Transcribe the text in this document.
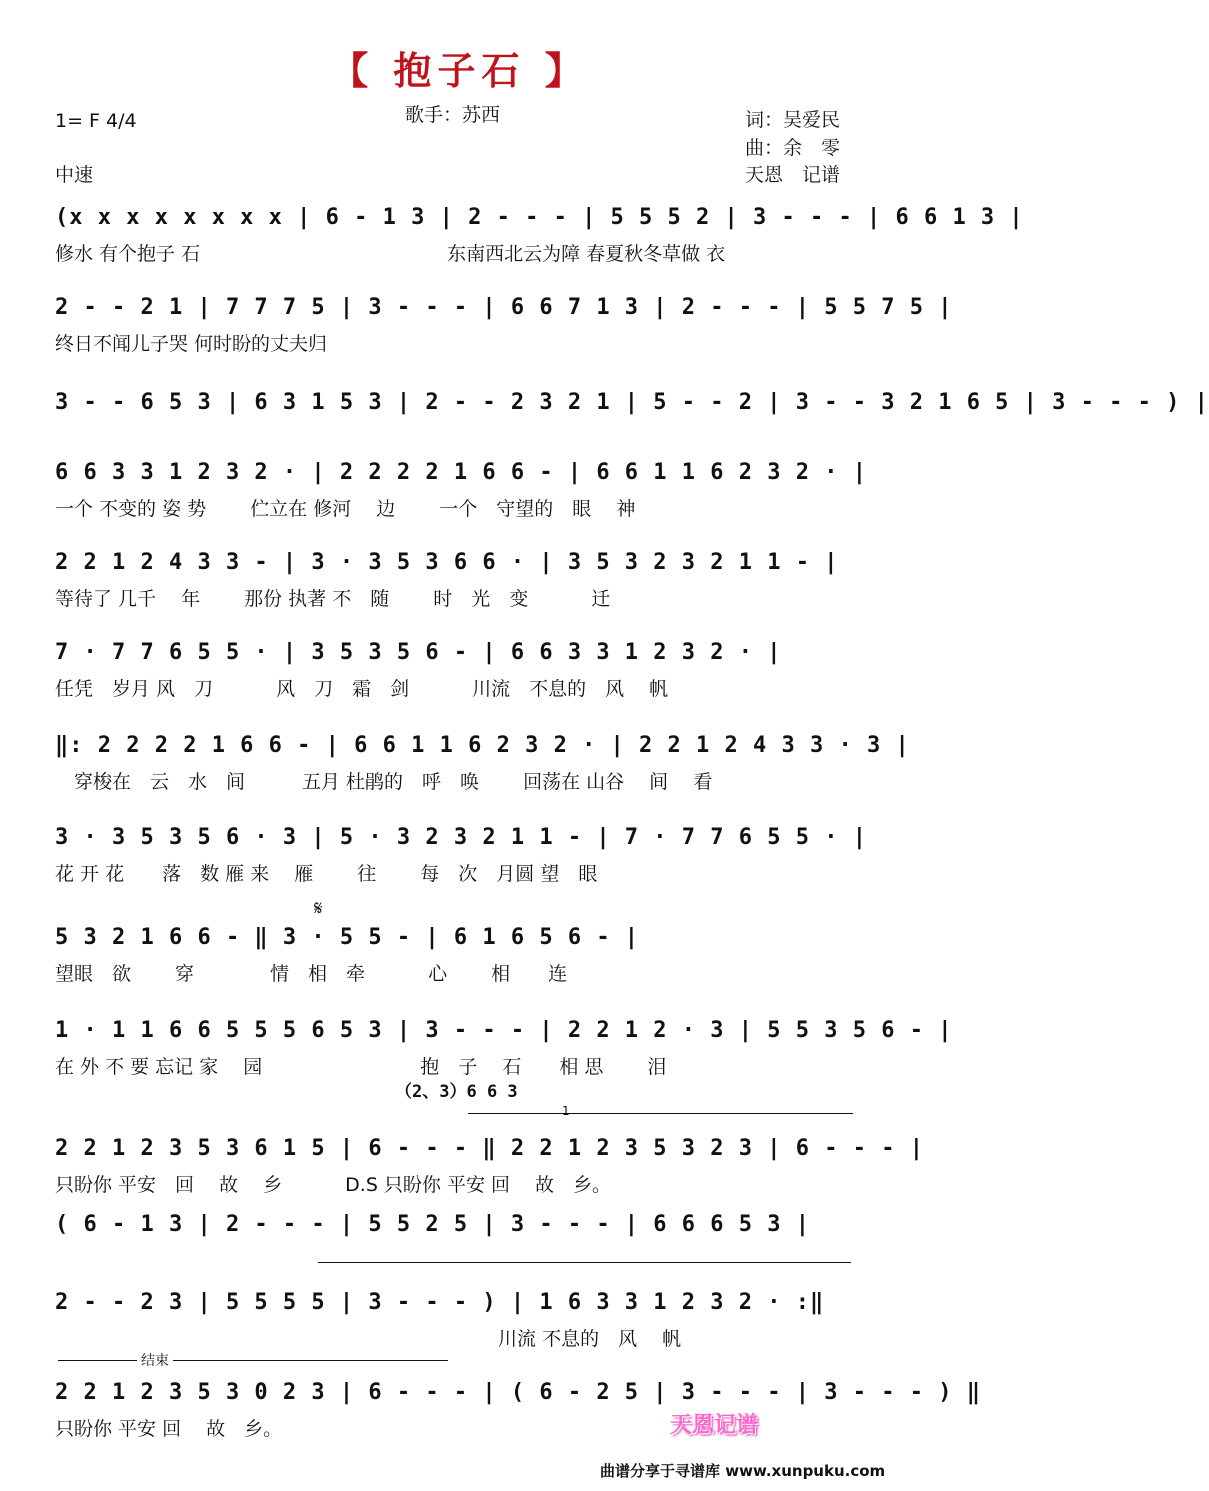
【 抱子石 】
1= F 4/4
中速
歌手：苏西	词：吴爱民
曲：余　零
天恩　记谱
(x x x x x x x x | 6 - 1 3 | 2 - - - | 5 5 5 2 | 3 - - - | 6 6 1 3 |
修水 有个抱子 石　　　　　　　　　　　　　东南西北云为障 春夏秋冬草做 衣
2 - - 2 1 | 7 7 7 5 | 3 - - - | 6 6 7 1 3 | 2 - - - | 5 5 7 5 |
终日不闻儿子哭 何时盼的丈夫归
3 - - 6 5 3 | 6 3 1 5 3 | 2 - - 2 3 2 1 | 5 - - 2 | 3 - - 3 2 1 6 5 | 3 - - - ) |
6 6 3 3 1 2 3 2 · | 2 2 2 2 1 6 6 - | 6 6 1 1 6 2 3 2 · |
一个 不变的 姿 势　　 伫立在 修河　 边　　 一个　守望的　眼　 神
2 2 1 2 4 3 3 - | 3 · 3 5 3 6 6 · | 3 5 3 2 3 2 1 1 - |
等待了 几千　 年　　 那份 执著 不　随　　 时　光　变　　　 迁
7 · 7 7 6 5 5 · | 3 5 3 5 6 - | 6 6 3 3 1 2 3 2 · |
任凭　岁月 风　刀　　　 风　刀　霜　剑　　　 川流　不息的　风　 帆
‖: 2 2 2 2 1 6 6 - | 6 6 1 1 6 2 3 2 · | 2 2 1 2 4 3 3 · 3 |
　穿梭在　云　水　间　　　五月 杜鹃的　呼　唤　　 回荡在 山谷　 间　 看
3 · 3 5 3 5 6 · 3 | 5 · 3 2 3 2 1 1 - | 7 · 7 7 6 5 5 · |
花 开 花　　落　数 雁 来　 雁　　 往　　 每　次　月圆 望　眼
𝄋
5 3 2 1 6 6 - ‖ 3 · 5 5 - | 6 1 6 5 6 - |
望眼　欲　　 穿　　　　情　相　牵　　　 心　　 相　　连
1 · 1 1 6 6 5 5 5 6 5 3 | 3 - - - | 2 2 1 2 · 3 | 5 5 3 5 6 - |
在 外 不 要 忘记 家　 园　　　　　　　　 抱　子　 石　　相 思　　 泪
（2、3）6 6 3
1
2 2 1 2 3 5 3 6 1 5 | 6 - - - ‖ 2 2 1 2 3 5 3 2 3 | 6 - - - |
只盼你 平安　回　 故　 乡　　　 D.S 只盼你 平安 回　 故　乡。
( 6 - 1 3 | 2 - - - | 5 5 2 5 | 3 - - - | 6 6 6 5 3 |
2 - - 2 3 | 5 5 5 5 | 3 - - - ) | 1 6 3 3 1 2 3 2 · :‖
　　　　　　　　　　　　　　　　　　　　　　　 川流 不息的　风　 帆
结束
2 2 1 2 3 5 3 0 2 3 | 6 - - - | ( 6 - 2 5 | 3 - - - | 3 - - - ) ‖
只盼你 平安 回　 故　乡。	天恩记谱
曲谱分享于寻谱库 www.xunpuku.com
